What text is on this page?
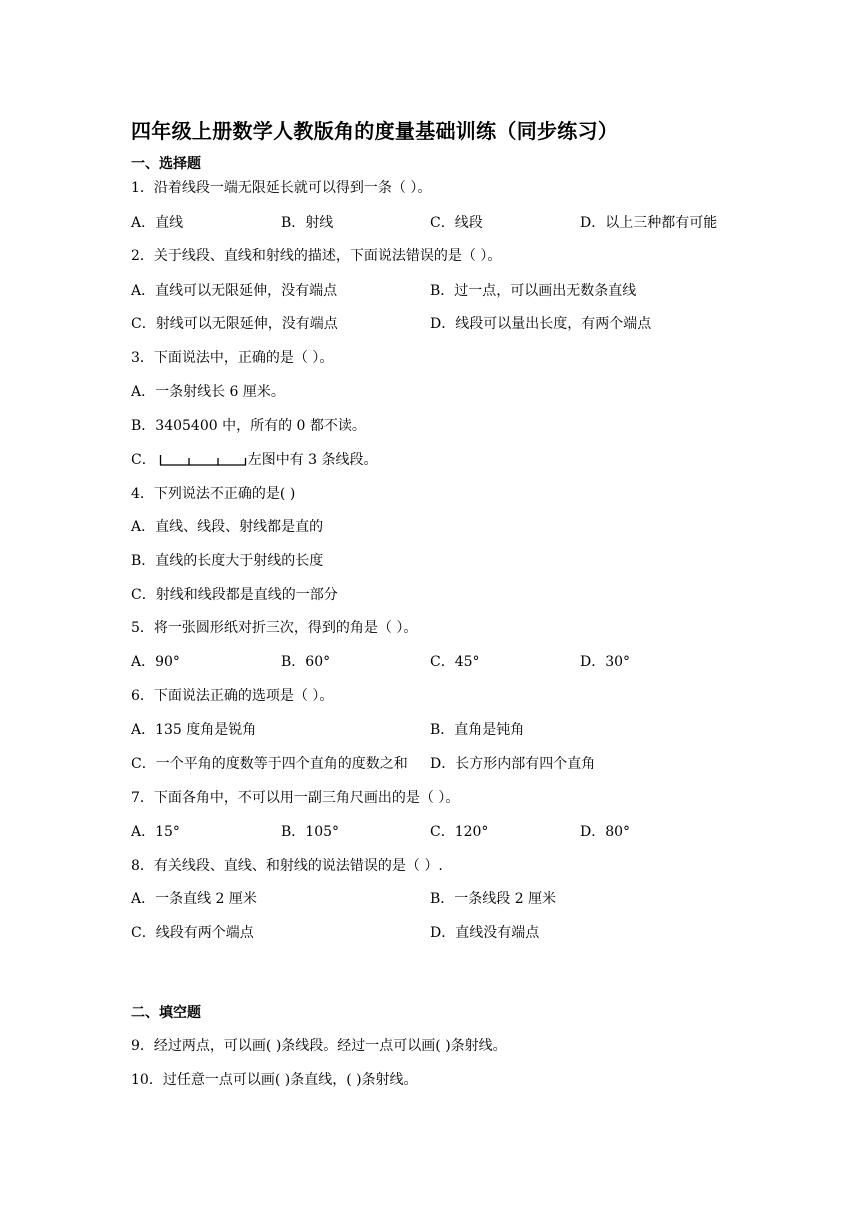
四年级上册数学人教版角的度量基础训练（同步练习）
一、选择题
1．沿着线段一端无限延长就可以得到一条（ ）。
A．直线	B．射线	C．线段	D．以上三种都有可能
2．关于线段、直线和射线的描述，下面说法错误的是（ ）。
A．直线可以无限延伸，没有端点	B．过一点，可以画出无数条直线
C．射线可以无限延伸，没有端点	D．线段可以量出长度，有两个端点
3．下面说法中，正确的是（ ）。
A．一条射线长 6 厘米。
B．3405400 中，所有的 0 都不读。
C．	左图中有 3 条线段。
4．下列说法不正确的是( )
A．直线、线段、射线都是直的
B．直线的长度大于射线的长度
C．射线和线段都是直线的一部分
5．将一张圆形纸对折三次，得到的角是（ ）。
A．90°	B．60°	C．45°	D．30°
6．下面说法正确的选项是（ ）。
A．135 度角是锐角	B．直角是钝角
C．一个平角的度数等于四个直角的度数之和 D．长方形内部有四个直角
7．下面各角中，不可以用一副三角尺画出的是（ ）。
A．15°	B．105°	C．120°	D．80°
8．有关线段、直线、和射线的说法错误的是（ ）.
A．一条直线 2 厘米	B．一条线段 2 厘米
C．线段有两个端点	D．直线没有端点
二、填空题
9．经过两点，可以画( )条线段。经过一点可以画( )条射线。
10．过任意一点可以画( )条直线，( )条射线。
